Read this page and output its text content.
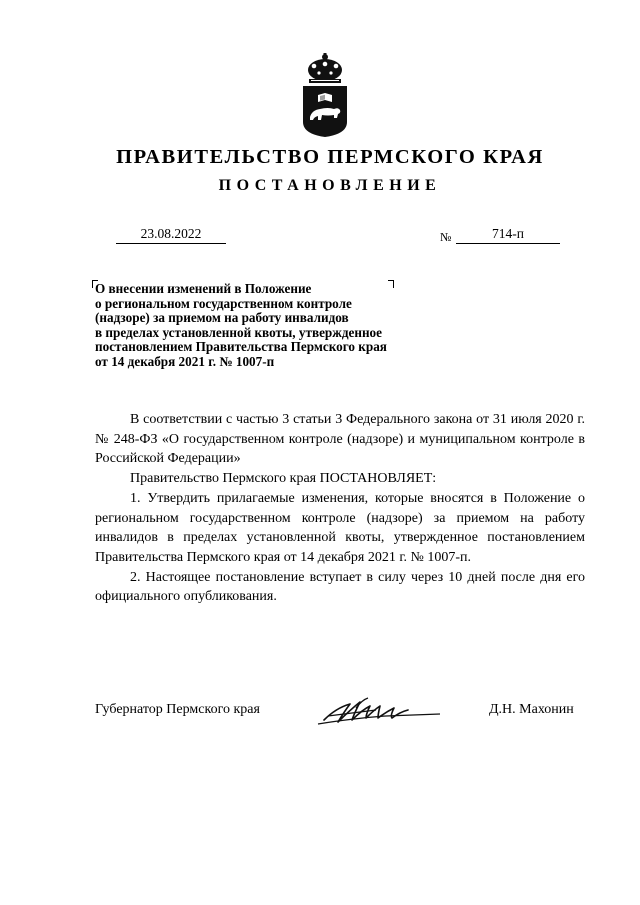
ПРАВИТЕЛЬСТВО ПЕРМСКОГО КРАЯ
ПОСТАНОВЛЕНИЕ
23.08.2022	№	714-п
О внесении изменений в Положение
о региональном государственном контроле
(надзоре) за приемом на работу инвалидов
в пределах установленной квоты, утвержденное
постановлением Правительства Пермского края
от 14 декабря 2021 г. № 1007-п

В соответствии с частью 3 статьи 3 Федерального закона от 31 июля 2020 г. № 248-ФЗ «О государственном контроле (надзоре) и муниципальном контроле в Российской Федерации»

Правительство Пермского края ПОСТАНОВЛЯЕТ:

1. Утвердить прилагаемые изменения, которые вносятся в Положение о региональном государственном контроле (надзоре) за приемом на работу инвалидов в пределах установленной квоты, утвержденное постановлением Правительства Пермского края от 14 декабря 2021 г. № 1007-п.

2. Настоящее постановление вступает в силу через 10 дней после дня его официального опубликования.

Губернатор Пермского края	Д.Н. Махонин
